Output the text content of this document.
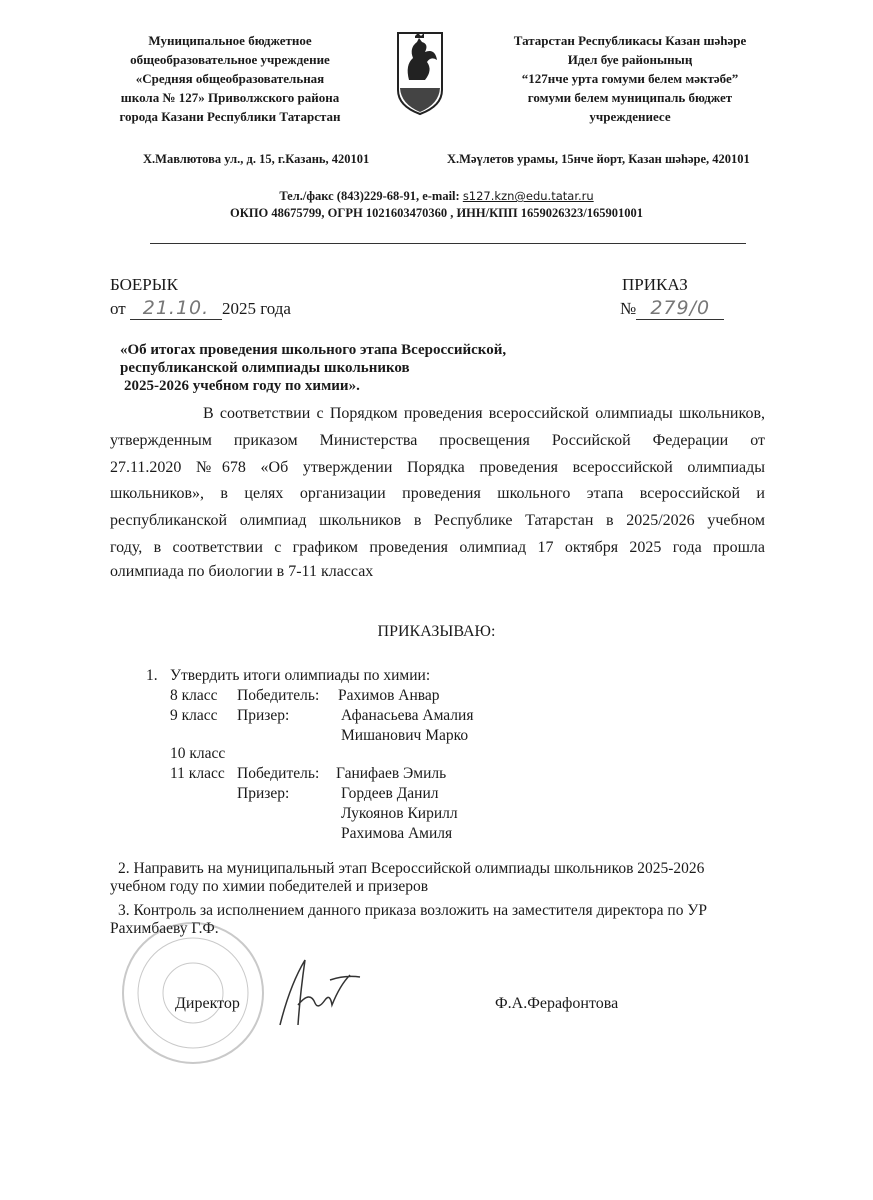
Муниципальное бюджетное
общеобразовательное учреждение
«Средняя общеобразовательная
школа № 127» Приволжского района
города Казани Республики Татарстан
Татарстан Республикасы Казан шәһәре
Идел буе районының
“127нче урта гомуми белем мәктәбе”
гомуми белем муниципаль бюджет
учреждениесе
Х.Мавлютова ул., д. 15, г.Казань, 420101	Х.Мәүлетов урамы, 15нче йорт, Казан шәһәре, 420101
Тел./факс (843)229-68-91, e-mail: s127.kzn@edu.tatar.ru
ОКПО 48675799, ОГРН 1021603470360 , ИНН/КПП 1659026323/165901001
БОЕРЫК
от 21.10. 2025 года
ПРИКАЗ
№ 279/0
«Об итогах проведения школьного этапа Всероссийской,
республиканской олимпиады школьников
2025-2026 учебном году по химии».
В соответствии с Порядком проведения всероссийской олимпиады школьников,
утвержденным приказом Министерства просвещения Российской Федерации от
27.11.2020 №678 «Об утверждении Порядка проведения всероссийской олимпиады
школьников», в целях организации проведения школьного этапа всероссийской и
республиканской олимпиад школьников в Республике Татарстан в 2025/2026 учебном
году, в соответствии с графиком проведения олимпиад 17 октября 2025 года прошла
олимпиада по биологии в 7-11 классах
ПРИКАЗЫВАЮ:
1. Утвердить итоги олимпиады по химии:
8 класс Победитель: Рахимов Анвар
9 класс Призер:	Афанасьева Амалия
Мишанович Марко
10 класс
11 класс Победитель: Ганифаев Эмиль
Призер:	Гордеев Данил
Лукоянов Кирилл
Рахимова Амиля
2. Направить на муниципальный этап Всероссийской олимпиады школьников 2025-2026
учебном году по химии победителей и призеров
3. Контроль за исполнением данного приказа возложить на заместителя директора по УР
Рахимбаеву Г.Ф.
Директор	Ф.А.Ферафонтова
